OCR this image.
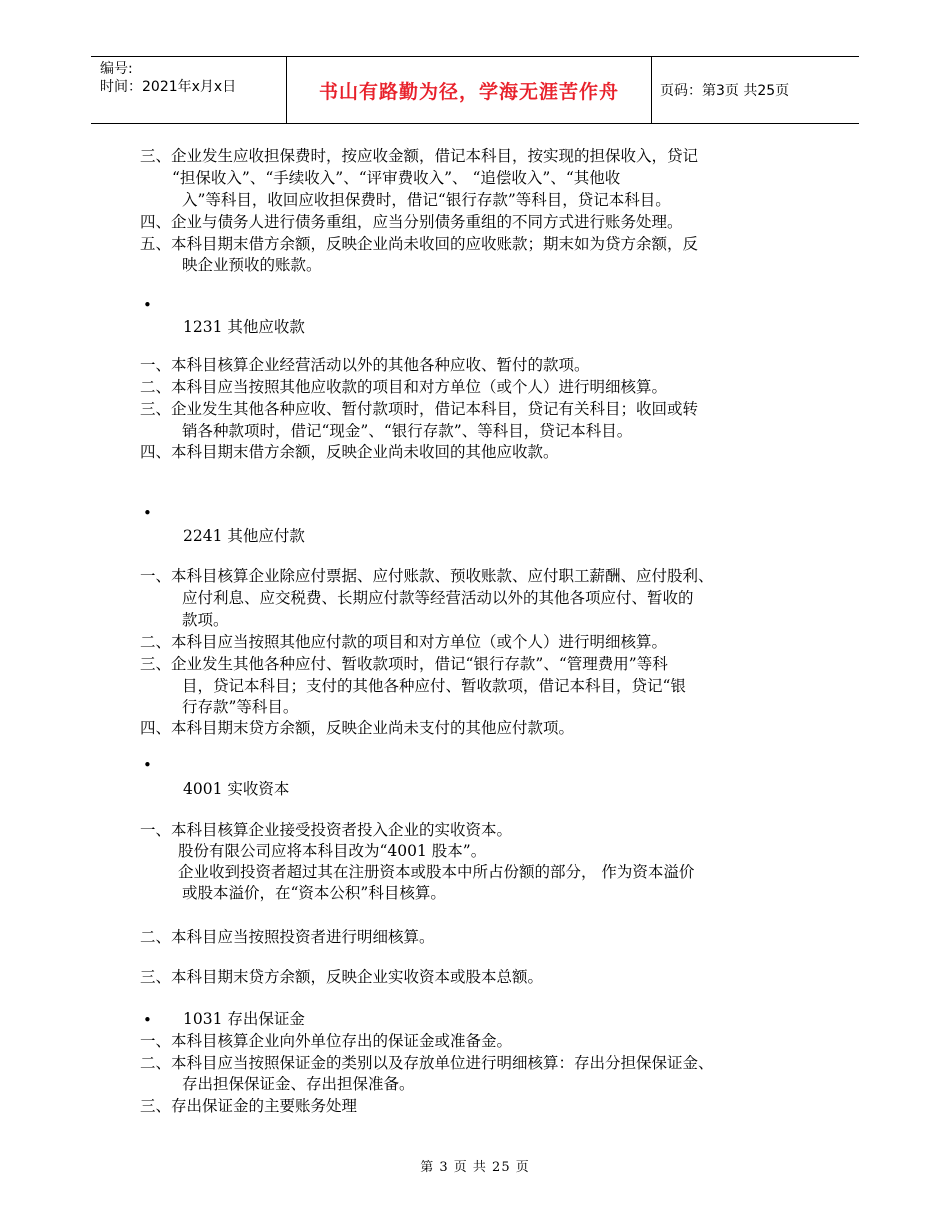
编号:
时间：2021年x月x日	书山有路勤为径，学海无涯苦作舟	页码：第3页 共25页
三、企业发生应收担保费时，按应收金额，借记本科目，按实现的担保收入，贷记
“担保收入”、“手续收入”、“评审费收入”、 “追偿收入”、“其他收
入”等科目，收回应收担保费时，借记“银行存款”等科目，贷记本科目。
四、企业与债务人进行债务重组，应当分别债务重组的不同方式进行账务处理。
五、本科目期末借方余额，反映企业尚未收回的应收账款；期末如为贷方余额，反
映企业预收的账款。
•
1231 其他应收款
一、本科目核算企业经营活动以外的其他各种应收、暂付的款项。
二、本科目应当按照其他应收款的项目和对方单位（或个人）进行明细核算。
三、企业发生其他各种应收、暂付款项时，借记本科目，贷记有关科目；收回或转
销各种款项时，借记“现金”、“银行存款”、等科目，贷记本科目。
四、本科目期末借方余额，反映企业尚未收回的其他应收款。
•
2241 其他应付款
一、本科目核算企业除应付票据、应付账款、预收账款、应付职工薪酬、应付股利、
应付利息、应交税费、长期应付款等经营活动以外的其他各项应付、暂收的
款项。
二、本科目应当按照其他应付款的项目和对方单位（或个人）进行明细核算。
三、企业发生其他各种应付、暂收款项时，借记“银行存款”、“管理费用”等科
目，贷记本科目；支付的其他各种应付、暂收款项，借记本科目，贷记“银
行存款”等科目。
四、本科目期末贷方余额，反映企业尚未支付的其他应付款项。
•
4001 实收资本
一、本科目核算企业接受投资者投入企业的实收资本。
股份有限公司应将本科目改为“4001 股本”。
企业收到投资者超过其在注册资本或股本中所占份额的部分， 作为资本溢价
或股本溢价，在“资本公积”科目核算。
二、本科目应当按照投资者进行明细核算。
三、本科目期末贷方余额，反映企业实收资本或股本总额。
• 1031 存出保证金
一、本科目核算企业向外单位存出的保证金或准备金。
二、本科目应当按照保证金的类别以及存放单位进行明细核算：存出分担保保证金、
存出担保保证金、存出担保准备。
三、存出保证金的主要账务处理
第 3 页 共 25 页
